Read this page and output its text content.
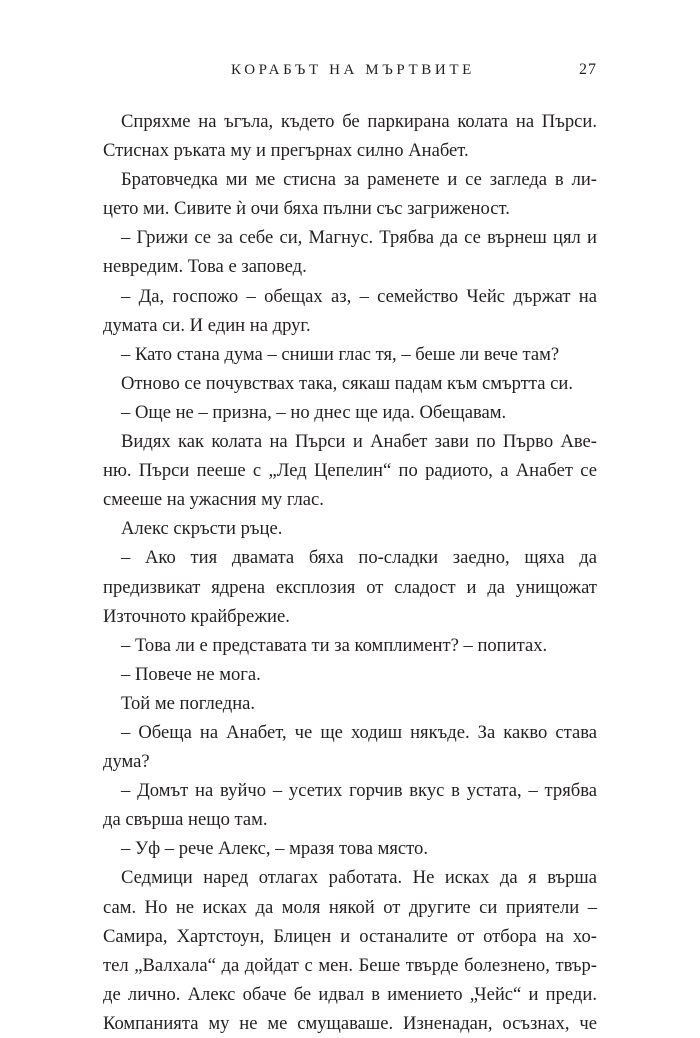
КОРАБЪТ НА МЪРТВИТЕ	27
Спряхме на ъгъла, където бе паркирана колата на Пърси.
Стиснах ръката му и прегърнах силно Анабет.
Братовчедка ми ме стисна за раменете и се загледа в ли-
цето ми. Сивите ѝ очи бяха пълни със загриженост.
– Грижи се за себе си, Магнус. Трябва да се върнеш цял и
невредим. Това е заповед.
– Да, госпожо – обещах аз, – семейство Чейс държат на
думата си. И един на друг.
– Като стана дума – сниши глас тя, – беше ли вече там?
Отново се почувствах така, сякаш падам към смъртта си.
– Още не – призна, – но днес ще ида. Обещавам.
Видях как колата на Пърси и Анабет зави по Първо Аве-
ню. Пърси пееше с „Лед Цепелин“ по радиото, а Анабет се
смееше на ужасния му глас.
Алекс скръсти ръце.
– Ако тия двамата бяха по-сладки заедно, щяха да
предизвикат ядрена експлозия от сладост и да унищожат
Източното крайбрежие.
– Това ли е представата ти за комплимент? – попитах.
– Повече не мога.
Той ме погледна.
– Обеща на Анабет, че ще ходиш някъде. За какво става
дума?
– Домът на вуйчо – усетих горчив вкус в устата, – трябва
да свърша нещо там.
– Уф – рече Алекс, – мразя това място.
Седмици наред отлагах работата. Не исках да я върша
сам. Но не исках да моля някой от другите си приятели –
Самира, Хартстоун, Блицен и останалите от отбора на хо-
тел „Валхала“ да дойдат с мен. Беше твърде болезнено, твър-
де лично. Алекс обаче бе идвал в имението „Чейс“ и преди.
Компанията му не ме смущаваше. Изненадан, осъзнах, че
